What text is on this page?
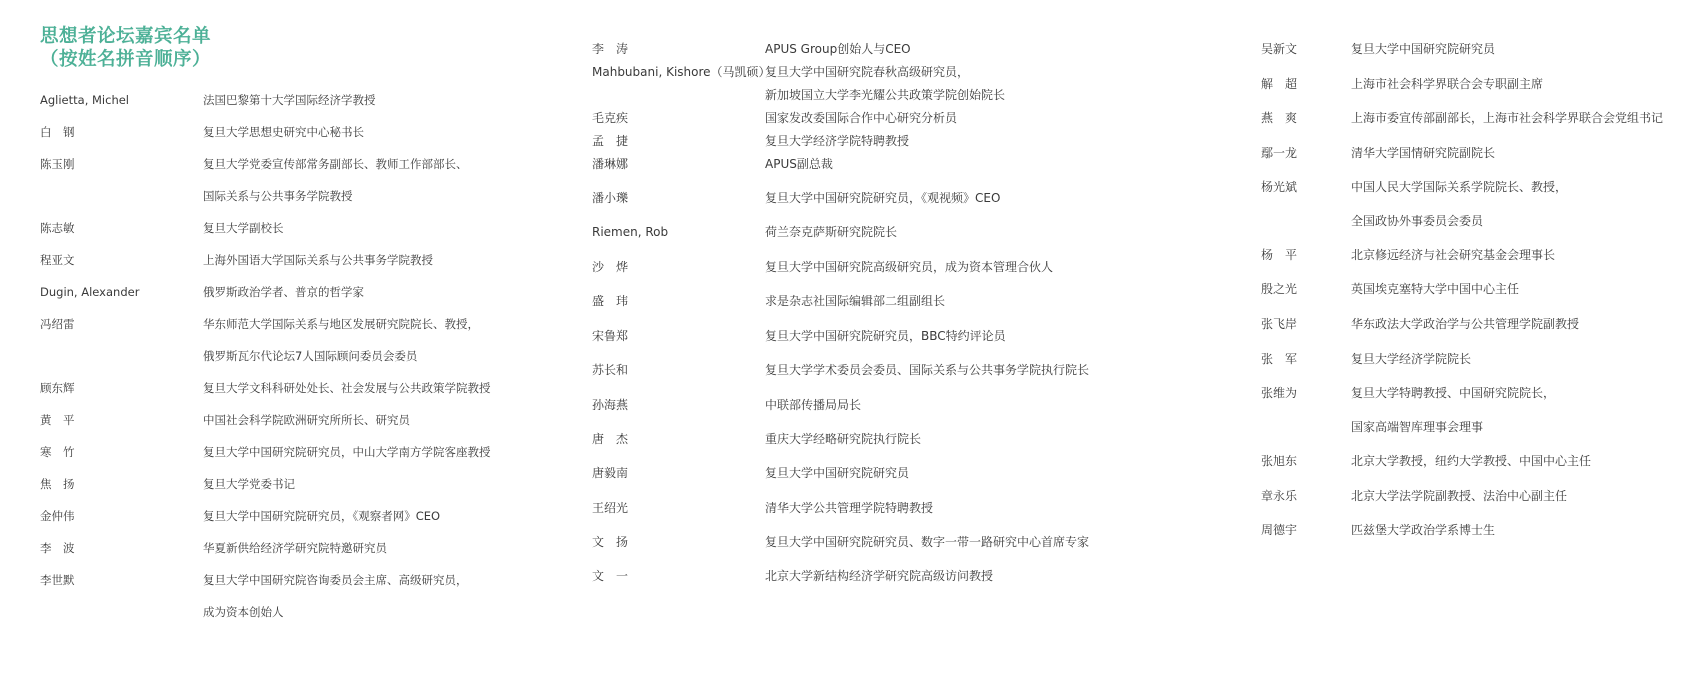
思想者论坛嘉宾名单
（按姓名拼音顺序）
Aglietta, Michel	法国巴黎第十大学国际经济学教授
白　钢	复旦大学思想史研究中心秘书长
陈玉刚	复旦大学党委宣传部常务副部长、教师工作部部长、
国际关系与公共事务学院教授
陈志敏	复旦大学副校长
程亚文	上海外国语大学国际关系与公共事务学院教授
Dugin, Alexander	俄罗斯政治学者、普京的哲学家
冯绍雷	华东师范大学国际关系与地区发展研究院院长、教授，
俄罗斯瓦尔代论坛7人国际顾问委员会委员
顾东辉	复旦大学文科科研处处长、社会发展与公共政策学院教授
黄　平	中国社会科学院欧洲研究所所长、研究员
寒　竹	复旦大学中国研究院研究员，中山大学南方学院客座教授
焦　扬	复旦大学党委书记
金仲伟	复旦大学中国研究院研究员，《观察者网》CEO
李　波	华夏新供给经济学研究院特邀研究员
李世默	复旦大学中国研究院咨询委员会主席、高级研究员，
成为资本创始人
李　涛	APUS Group创始人与CEO
Mahbubani, Kishore（马凯硕）
复旦大学中国研究院春秋高级研究员，
新加坡国立大学李光耀公共政策学院创始院长
毛克疾	国家发改委国际合作中心研究分析员
孟　捷	复旦大学经济学院特聘教授
潘琳娜	APUS副总裁
潘小瓅	复旦大学中国研究院研究员，《观视频》CEO
Riemen, Rob	荷兰奈克萨斯研究院院长
沙　烨	复旦大学中国研究院高级研究员，成为资本管理合伙人
盛　玮	求是杂志社国际编辑部二组副组长
宋鲁郑	复旦大学中国研究院研究员，BBC特约评论员
苏长和	复旦大学学术委员会委员、国际关系与公共事务学院执行院长
孙海燕	中联部传播局局长
唐　杰	重庆大学经略研究院执行院长
唐毅南	复旦大学中国研究院研究员
王绍光	清华大学公共管理学院特聘教授
文　扬	复旦大学中国研究院研究员、数字一带一路研究中心首席专家
文　一	北京大学新结构经济学研究院高级访问教授
吴新文	复旦大学中国研究院研究员
解　超	上海市社会科学界联合会专职副主席
燕　爽	上海市委宣传部副部长，上海市社会科学界联合会党组书记
鄢一龙	清华大学国情研究院副院长
杨光斌	中国人民大学国际关系学院院长、教授，
全国政协外事委员会委员
杨　平	北京修远经济与社会研究基金会理事长
殷之光	英国埃克塞特大学中国中心主任
张飞岸	华东政法大学政治学与公共管理学院副教授
张　军	复旦大学经济学院院长
张维为	复旦大学特聘教授、中国研究院院长，
国家高端智库理事会理事
张旭东	北京大学教授，纽约大学教授、中国中心主任
章永乐	北京大学法学院副教授、法治中心副主任
周德宇	匹兹堡大学政治学系博士生
